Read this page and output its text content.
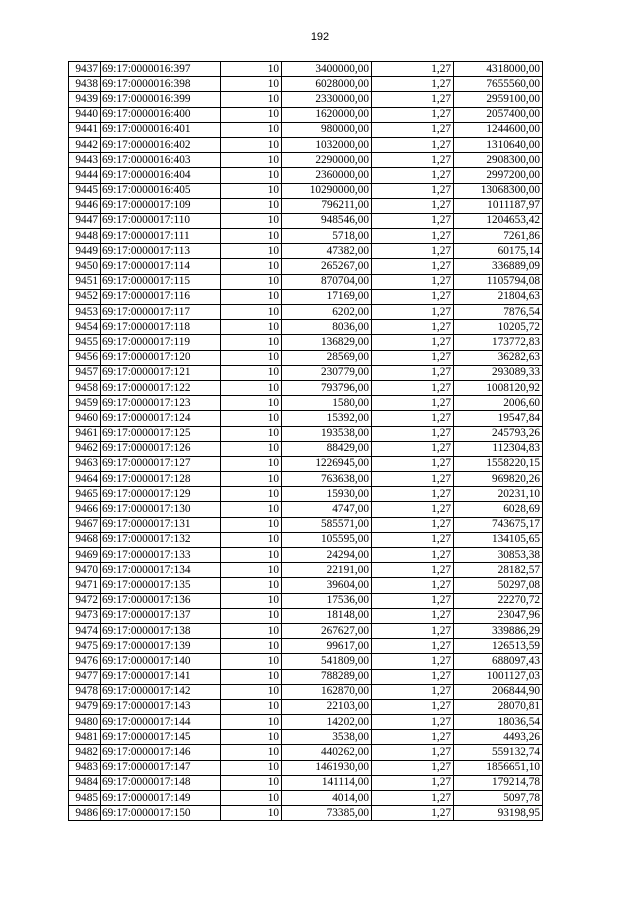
192
9437	69:17:0000016:397	10	3400000,00	1,27	4318000,00
9438	69:17:0000016:398	10	6028000,00	1,27	7655560,00
9439	69:17:0000016:399	10	2330000,00	1,27	2959100,00
9440	69:17:0000016:400	10	1620000,00	1,27	2057400,00
9441	69:17:0000016:401	10	980000,00	1,27	1244600,00
9442	69:17:0000016:402	10	1032000,00	1,27	1310640,00
9443	69:17:0000016:403	10	2290000,00	1,27	2908300,00
9444	69:17:0000016:404	10	2360000,00	1,27	2997200,00
9445	69:17:0000016:405	10	10290000,00	1,27	13068300,00
9446	69:17:0000017:109	10	796211,00	1,27	1011187,97
9447	69:17:0000017:110	10	948546,00	1,27	1204653,42
9448	69:17:0000017:111	10	5718,00	1,27	7261,86
9449	69:17:0000017:113	10	47382,00	1,27	60175,14
9450	69:17:0000017:114	10	265267,00	1,27	336889,09
9451	69:17:0000017:115	10	870704,00	1,27	1105794,08
9452	69:17:0000017:116	10	17169,00	1,27	21804,63
9453	69:17:0000017:117	10	6202,00	1,27	7876,54
9454	69:17:0000017:118	10	8036,00	1,27	10205,72
9455	69:17:0000017:119	10	136829,00	1,27	173772,83
9456	69:17:0000017:120	10	28569,00	1,27	36282,63
9457	69:17:0000017:121	10	230779,00	1,27	293089,33
9458	69:17:0000017:122	10	793796,00	1,27	1008120,92
9459	69:17:0000017:123	10	1580,00	1,27	2006,60
9460	69:17:0000017:124	10	15392,00	1,27	19547,84
9461	69:17:0000017:125	10	193538,00	1,27	245793,26
9462	69:17:0000017:126	10	88429,00	1,27	112304,83
9463	69:17:0000017:127	10	1226945,00	1,27	1558220,15
9464	69:17:0000017:128	10	763638,00	1,27	969820,26
9465	69:17:0000017:129	10	15930,00	1,27	20231,10
9466	69:17:0000017:130	10	4747,00	1,27	6028,69
9467	69:17:0000017:131	10	585571,00	1,27	743675,17
9468	69:17:0000017:132	10	105595,00	1,27	134105,65
9469	69:17:0000017:133	10	24294,00	1,27	30853,38
9470	69:17:0000017:134	10	22191,00	1,27	28182,57
9471	69:17:0000017:135	10	39604,00	1,27	50297,08
9472	69:17:0000017:136	10	17536,00	1,27	22270,72
9473	69:17:0000017:137	10	18148,00	1,27	23047,96
9474	69:17:0000017:138	10	267627,00	1,27	339886,29
9475	69:17:0000017:139	10	99617,00	1,27	126513,59
9476	69:17:0000017:140	10	541809,00	1,27	688097,43
9477	69:17:0000017:141	10	788289,00	1,27	1001127,03
9478	69:17:0000017:142	10	162870,00	1,27	206844,90
9479	69:17:0000017:143	10	22103,00	1,27	28070,81
9480	69:17:0000017:144	10	14202,00	1,27	18036,54
9481	69:17:0000017:145	10	3538,00	1,27	4493,26
9482	69:17:0000017:146	10	440262,00	1,27	559132,74
9483	69:17:0000017:147	10	1461930,00	1,27	1856651,10
9484	69:17:0000017:148	10	141114,00	1,27	179214,78
9485	69:17:0000017:149	10	4014,00	1,27	5097,78
9486	69:17:0000017:150	10	73385,00	1,27	93198,95
